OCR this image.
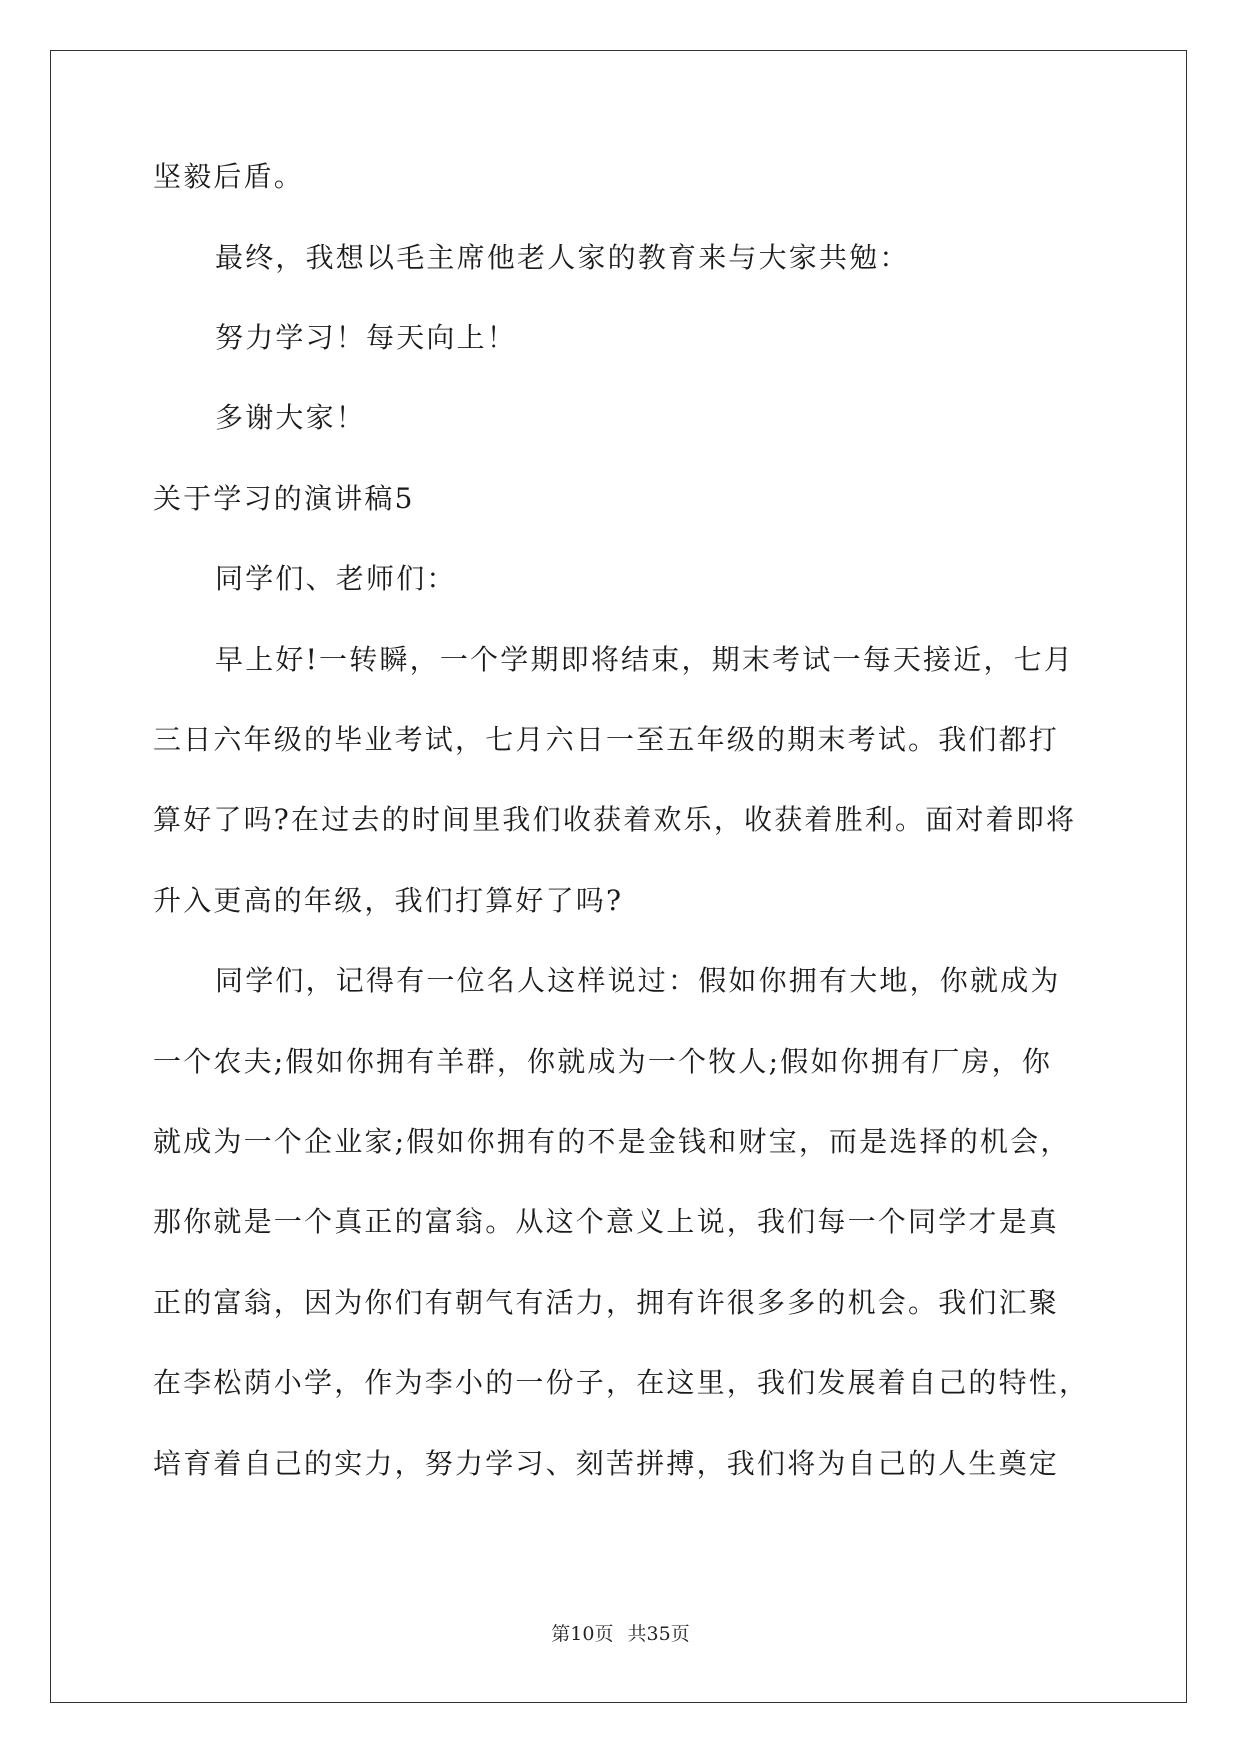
坚毅后盾。
最终，我想以毛主席他老人家的教育来与大家共勉：
努力学习！每天向上！
多谢大家！
关于学习的演讲稿5
同学们、老师们：
早上好!一转瞬，一个学期即将结束，期末考试一每天接近，七月
三日六年级的毕业考试，七月六日一至五年级的期末考试。我们都打
算好了吗?在过去的时间里我们收获着欢乐，收获着胜利。面对着即将
升入更高的年级，我们打算好了吗?
同学们，记得有一位名人这样说过：假如你拥有大地，你就成为
一个农夫;假如你拥有羊群，你就成为一个牧人;假如你拥有厂房，你
就成为一个企业家;假如你拥有的不是金钱和财宝，而是选择的机会，
那你就是一个真正的富翁。从这个意义上说，我们每一个同学才是真
正的富翁，因为你们有朝气有活力，拥有许很多多的机会。我们汇聚
在李松荫小学，作为李小的一份子，在这里，我们发展着自己的特性，
培育着自己的实力，努力学习、刻苦拼搏，我们将为自己的人生奠定
第10页 共35页
